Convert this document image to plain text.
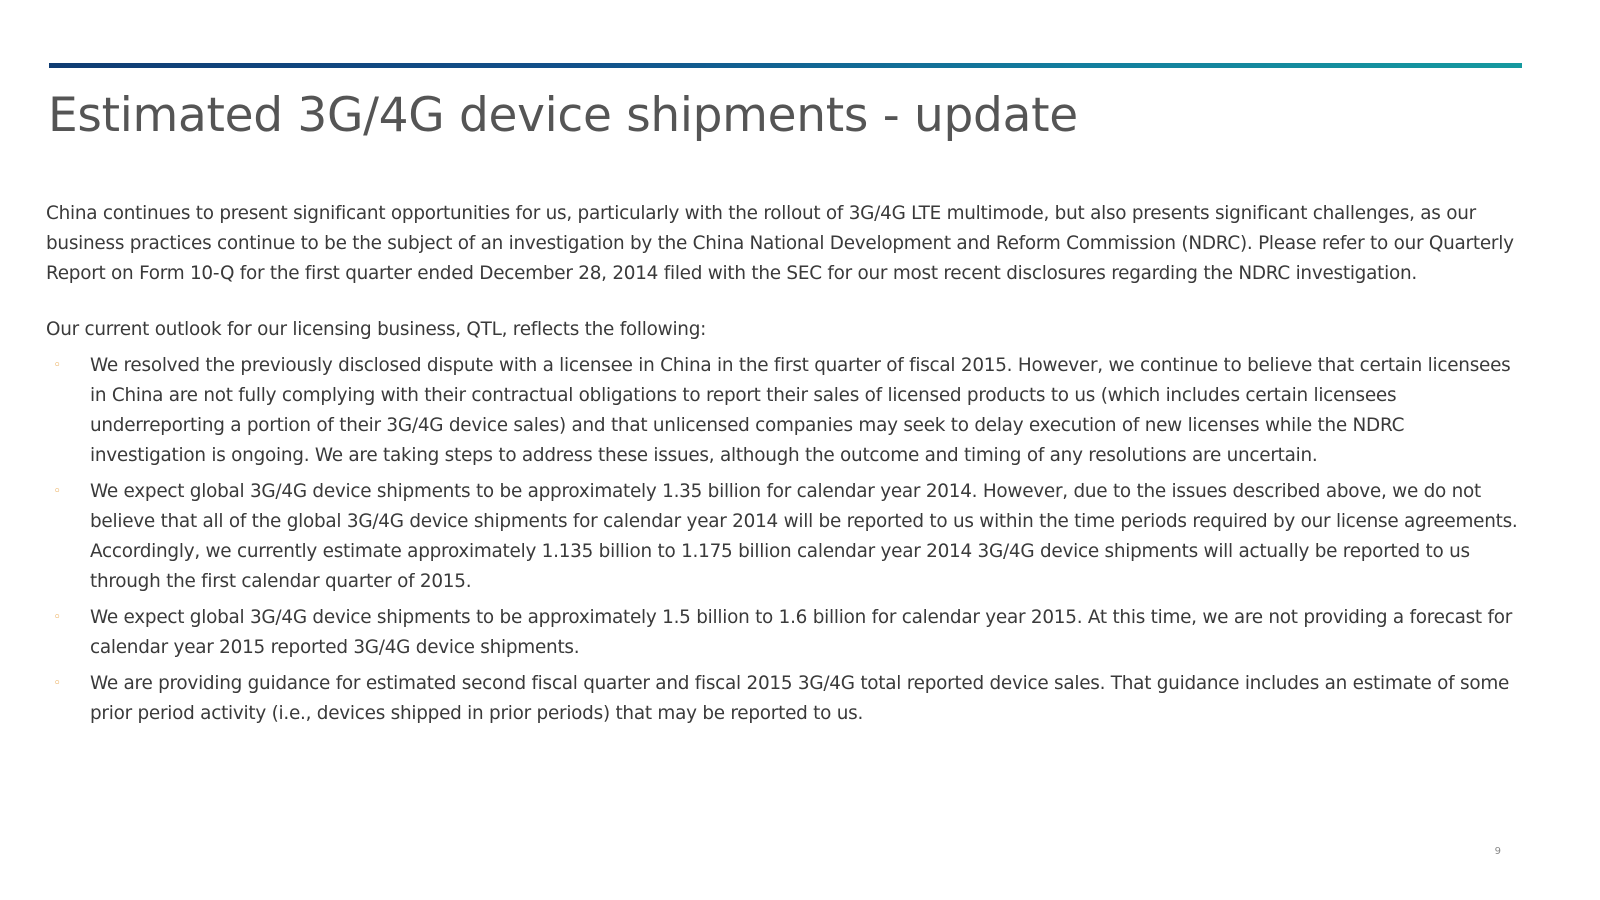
Estimated 3G/4G device shipments - update

China continues to present significant opportunities for us, particularly with the rollout of 3G/4G LTE multimode, but also presents significant challenges, as our business practices continue to be the subject of an investigation by the China National Development and Reform Commission (NDRC). Please refer to our Quarterly Report on Form 10-Q for the first quarter ended December 28, 2014 filed with the SEC for our most recent disclosures regarding the NDRC investigation.

Our current outlook for our licensing business, QTL, reflects the following:

◦ We resolved the previously disclosed dispute with a licensee in China in the first quarter of fiscal 2015. However, we continue to believe that certain licensees in China are not fully complying with their contractual obligations to report their sales of licensed products to us (which includes certain licensees underreporting a portion of their 3G/4G device sales) and that unlicensed companies may seek to delay execution of new licenses while the NDRC investigation is ongoing. We are taking steps to address these issues, although the outcome and timing of any resolutions are uncertain.
◦ We expect global 3G/4G device shipments to be approximately 1.35 billion for calendar year 2014. However, due to the issues described above, we do not believe that all of the global 3G/4G device shipments for calendar year 2014 will be reported to us within the time periods required by our license agreements. Accordingly, we currently estimate approximately 1.135 billion to 1.175 billion calendar year 2014 3G/4G device shipments will actually be reported to us through the first calendar quarter of 2015.
◦ We expect global 3G/4G device shipments to be approximately 1.5 billion to 1.6 billion for calendar year 2015. At this time, we are not providing a forecast for calendar year 2015 reported 3G/4G device shipments.
◦ We are providing guidance for estimated second fiscal quarter and fiscal 2015 3G/4G total reported device sales. That guidance includes an estimate of some prior period activity (i.e., devices shipped in prior periods) that may be reported to us.
9
